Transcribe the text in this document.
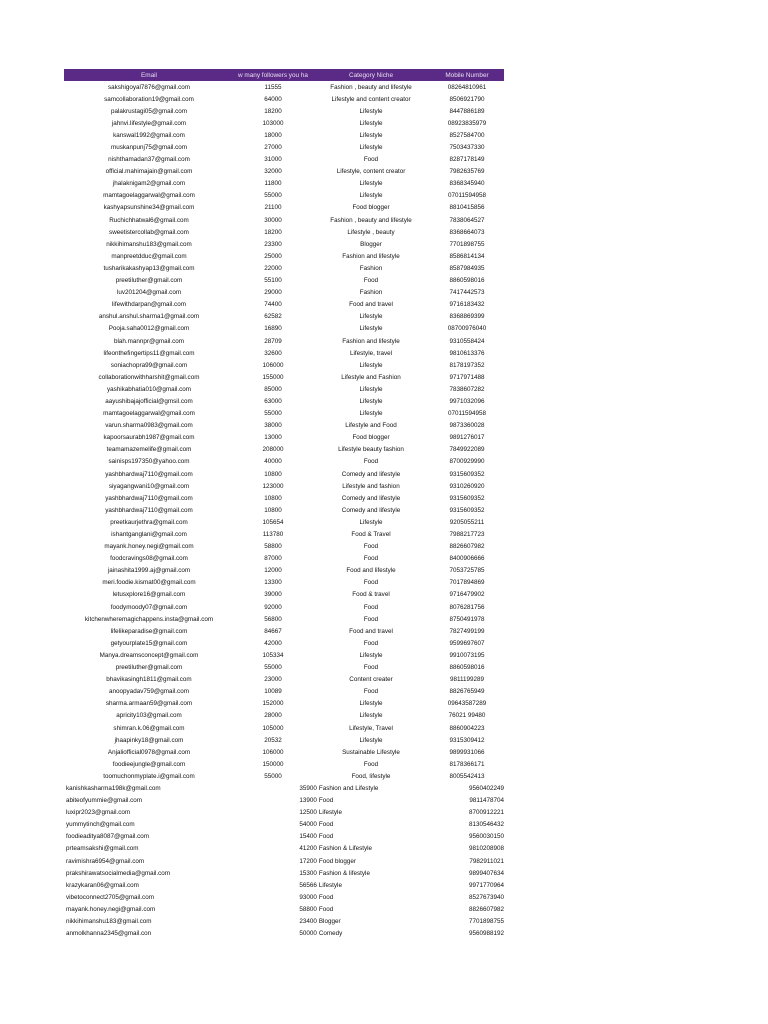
Email	w many followers you ha	Category Niche	Mobile Number
sakshigoyal7876@gmail.com	11555	Fashion , beauty and lifestyle	08264810961
samcollaboration19@gmail.com	64000	Lifestyle and content creator	8506921790
palakrustagi05@gmail.com	18200	Lifestyle	8447886189
jahnvi.lifestyle@gmail.com	103000	Lifestyle	08923835979
kanswal1992@gmail.com	18000	Lifestyle	8527584700
muskanpunj75@gmail.com	27000	Lifestyle	7503437330
nishthamadan37@gmail.com	31000	Food	8287178149
official.mahimajain@gmail.com	32000	Lifestyle, content creator	7982635769
jhalaknigam2@gmail.com	11800	Lifestyle	8368345940
mamtagoelaggarwal@gmail.com	55000	Lifestyle	07011594958
kashyapsunshine34@gmail.com	21100	Food blogger	8810415856
Ruchichhatwal6@gmail.com	30000	Fashion , beauty and lifestyle	7838064527
sweetistercollab@gmail.com	18200	Lifestyle , beauty	8368664073
nikkihimanshu183@gmail.com	23300	Blogger	7701898755
manpreetdduc@gmail.com	25000	Fashion and lifestyle	8586814134
tusharikakashyap13@gmail.com	22000	Fashion	8587984935
preetiluther@gmail.com	55100	Food	8860598016
luv201204@gmail.com	29000	Fashion	7417442573
lifewithdarpan@gmail.com	74400	Food and travel	9716183432
anshul.anshul.sharma1@gmail.com	62582	Lifestyle	8368869399
Pooja.saha0012@gmail.com	16890	Lifestyle	08700976040
blah.mannpr@gmail.com	28709	Fashion and lifestyle	9310558424
lifeonthefingertips11@gmail.com	32600	Lifestyle, travel	9810613376
soniachopra99@gmail.com	106000	Lifestyle	8178197352
collaborationwithharshit@gmail.com	155000	Lifestyle and Fashion	9717971488
yashikabhatia010@gmail.com	85000	Lifestyle	7838607282
aayushibajajofficial@gmsil.com	63000	Lifestyle	9971032096
mamtagoelaggarwal@gmail.com	55000	Lifestyle	07011594958
varun.sharma0983@gmail.com	38000	Lifestyle and Food	9873360028
kapoorsaurabh1987@gmail.com	13000	Food blogger	9891276017
teamamazemelife@gmail.com	208000	Lifestyle beauty fashion	7849922089
sainisps197350@yahoo.com	40000	Food	8700929990
yashbhardwaj7110@gmail.com	10800	Comedy and lifestyle	9315609352
siyagangwani10@gmail.com	123000	Lifestyle and fashion	9310260920
yashbhardwaj7110@gmail.com	10800	Comedy and lifestyle	9315609352
yashbhardwaj7110@gmail.com	10800	Comedy and lifestyle	9315609352
preetkaurjethra@gmail.com	105654	Lifestyle	9205055211
ishantganglani@gmail.com	113780	Food & Travel	7988217723
mayank.honey.negi@gmail.com	58800	Food	8826607982
foodcravings08@gmail.com	87000	Food	8400906666
jainashita1999.aj@gmail.com	12000	Food and lifestyle	7053725785
meri.foodie.kismat00@gmail.com	13300	Food	7017894869
letusxplore16@gmail.com	39000	Food & travel	9716479902
foodymoody07@gmail.com	92000	Food	8076281756
kitchenwheremagichappens.insta@gmail.com	56800	Food	8750491978
lifelikeparadise@gmail.com	84667	Food and travel	7827499199
getyourplate15@gmail.com	42000	Food	9599697607
Manya.dreamsconcept@gmail.com	105334	Lifestyle	9910073195
preetiluther@gmail.com	55000	Food	8860598016
bhavikasingh1811@gmail.com	23000	Content creater	9811199289
anoopyadav759@gmail.com	10089	Food	8826765949
sharma.armaan59@gmail.com	152000	Lifestyle	09643587289
apricity103@gmail.com	28000	Lifestyle	76021 99480
shimran.k.06@gmail.com	105000	Lifestyle, Travel	8860904223
jhaapinky18@gmail.com	20532	Lifestyle	9315309412
Anjaliofficial0978@gmail.com	106000	Sustainable Lifestyle	9899931066
foodieejungle@gmail.com	150000	Food	8178366171
toomuchonmyplate.i@gmail.com	55000	Food, lifestyle	8005542413
kanishkasharma198k@gmail.com	35900 Fashion and Lifestyle	9560402249
abiteofyummie@gmail.com	13900 Food	9811478704
luxipr2023@gmail.com	12500 Lifestyle	8700912221
yummytinch@gmail.com	54000 Food	8130546432
foodieaditya8087@gmail.com	15400 Food	9560030150
prteamsakshi@gmail.com	41200 Fashion & Lifestyle	9810208908
ravimishra6954@gmail.com	17200 Food blogger	7982911021
prakshirawatsocialmedia@gmail.com	15300 Fashion & lifestyle	9899407634
krazykaran06@gmail.com	56566 Lifestyle	9971770964
vibetoconnect2705@gmail.com	93000 Food	8527673940
mayank.honey.negi@gmail.com	58800 Food	8826607982
nikkihimanshu183@gmail.com	23400 Blogger	7701898755
anmolkhanna2345@gmail.con	50000 Comedy	9560988192
